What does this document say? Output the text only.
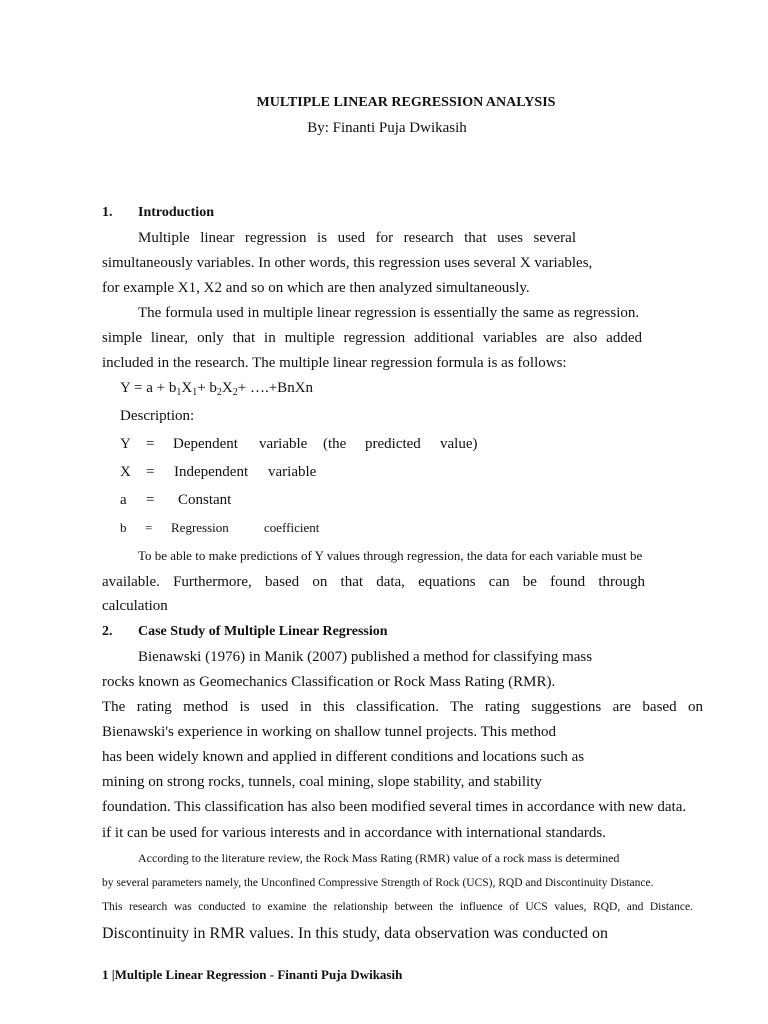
MULTIPLE LINEAR REGRESSION ANALYSIS
By: Finanti Puja Dwikasih
1. Introduction
Multiple linear regression is used for research that uses several
simultaneously variables. In other words, this regression uses several X variables,
for example X1, X2 and so on which are then analyzed simultaneously.
The formula used in multiple linear regression is essentially the same as regression.
simple linear, only that in multiple regression additional variables are also added
included in the research. The multiple linear regression formula is as follows:
$Y = a + b_1X_1+ b_2X_2+$ ….+BnXn
Description:
Y = Dependent variable (the predicted value)
X = Independent variable
a = Constant
b = Regression	coefficient
To be able to make predictions of Y values through regression, the data for each variable must be
available. Furthermore, based on that data, equations can be found through
calculation
2. Case Study of Multiple Linear Regression
Bienawski (1976) in Manik (2007) published a method for classifying mass
rocks known as Geomechanics Classification or Rock Mass Rating (RMR).
The rating method is used in this classification. The rating suggestions are based on
Bienawski's experience in working on shallow tunnel projects. This method
has been widely known and applied in different conditions and locations such as
mining on strong rocks, tunnels, coal mining, slope stability, and stability
foundation. This classification has also been modified several times in accordance with new data.
if it can be used for various interests and in accordance with international standards.
According to the literature review, the Rock Mass Rating (RMR) value of a rock mass is determined
by several parameters namely, the Unconfined Compressive Strength of Rock (UCS), RQD and Discontinuity Distance.
This research was conducted to examine the relationship between the influence of UCS values, RQD, and Distance.
Discontinuity in RMR values. In this study, data observation was conducted on
1 |Multiple Linear Regression - Finanti Puja Dwikasih
